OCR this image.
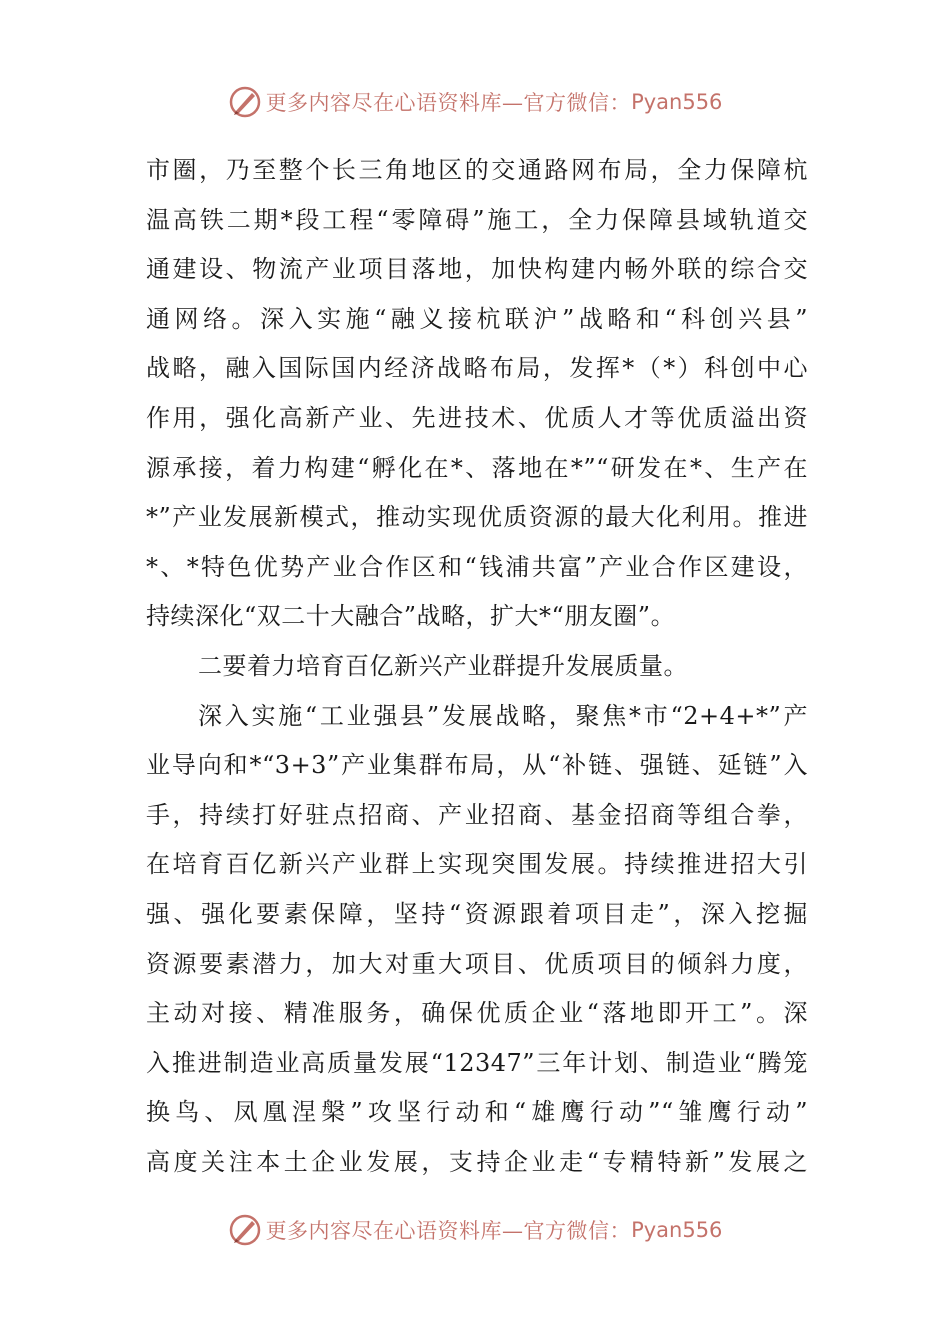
更多内容尽在心语资料库—官方微信： Pyan556
市圈，乃至整个长三角地区的交通路网布局，全力保障杭
温高铁二期*段工程“零障碍”施工，全力保障县域轨道交
通建设、物流产业项目落地，加快构建内畅外联的综合交
通网络。深入实施“融义接杭联沪”战略和“科创兴县”
战略，融入国际国内经济战略布局，发挥*（*）科创中心
作用，强化高新产业、先进技术、优质人才等优质溢出资
源承接，着力构建“孵化在*、落地在*”“研发在*、生产在
*”产业发展新模式，推动实现优质资源的最大化利用。推进
*、*特色优势产业合作区和“钱浦共富”产业合作区建设，
持续深化“双二十大融合”战略，扩大*“朋友圈”。
二要着力培育百亿新兴产业群提升发展质量。
深入实施“工业强县”发展战略，聚焦*市“2+4+*”产
业导向和*“3+3”产业集群布局，从“补链、强链、延链”入
手，持续打好驻点招商、产业招商、基金招商等组合拳，
在培育百亿新兴产业群上实现突围发展。持续推进招大引
强、强化要素保障，坚持“资源跟着项目走”，深入挖掘
资源要素潜力，加大对重大项目、优质项目的倾斜力度，
主动对接、精准服务，确保优质企业“落地即开工”。深
入推进制造业高质量发展“12347”三年计划、制造业“腾笼
换鸟、凤凰涅槃”攻坚行动和“雄鹰行动”“雏鹰行动”
高度关注本土企业发展，支持企业走“专精特新”发展之
更多内容尽在心语资料库—官方微信： Pyan556
